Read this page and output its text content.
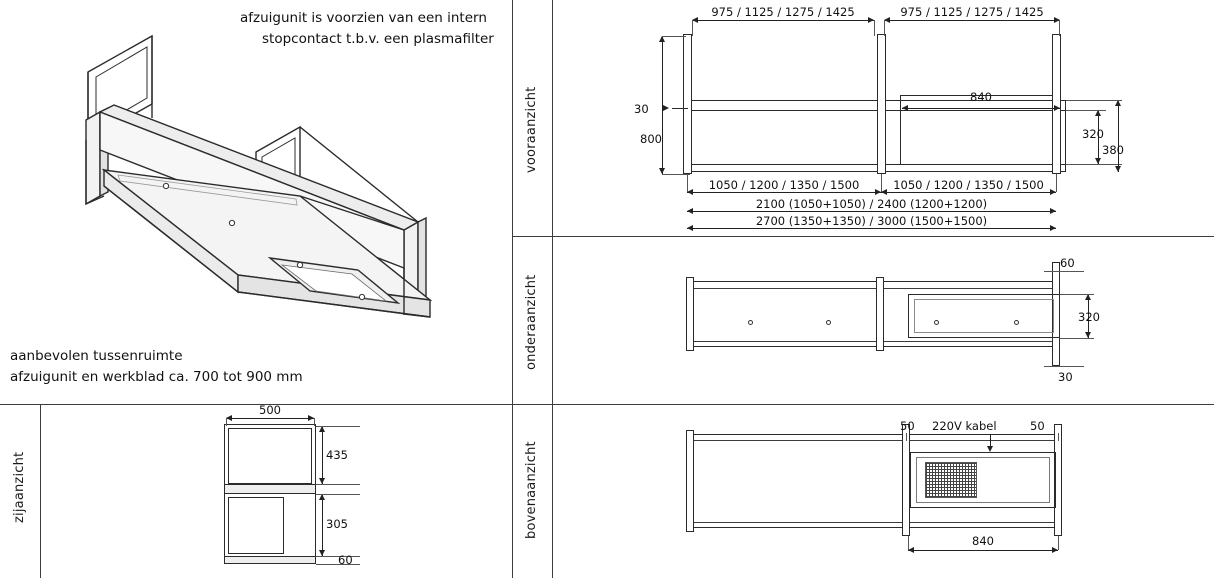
vooraanzicht
onderaanzicht
bovenaanzicht
zijaanzicht
afzuigunit is voorzien van een intern
stopcontact t.b.v. een plasmafilter
aanbevolen tussenruimte
afzuigunit en werkblad ca. 700 tot 900 mm
975 / 1125 / 1275 / 1425	975 / 1125 / 1275 / 1425
840
30
800	320
380
1050 / 1200 / 1350 / 1500	1050 / 1200 / 1350 / 1500
2100 (1050+1050) / 2400 (1200+1200)
2700 (1350+1350) / 3000 (1500+1500)
60
320
30
500
435
305
60
50	50
220V kabel
840
